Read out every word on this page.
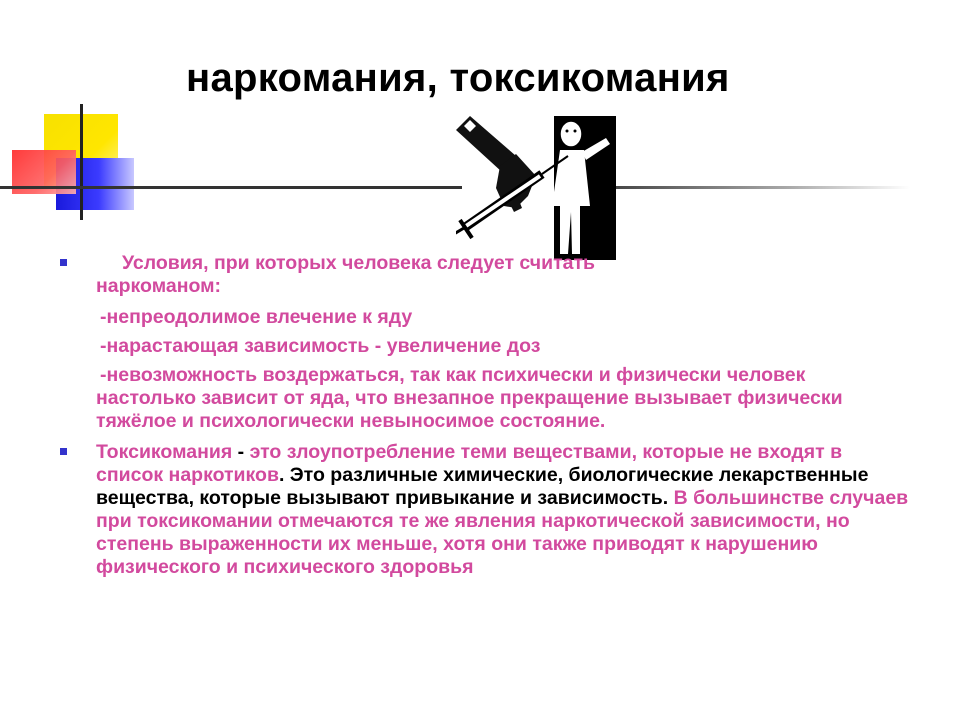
наркомания, токсикомания
Условия, при которых человека следует считать
наркоманом:

-непреодолимое влечение к яду

-нарастающая зависимость - увеличение доз

-невозможность воздержаться, так как психически и физически человек настолько зависит от яда, что внезапное прекращение вызывает физически тяжёлое и психологически невыносимое состояние.

Токсикомания - это злоупотребление теми веществами, которые не входят в список наркотиков. Это различные химические, биологические лекарственные вещества, которые вызывают привыкание и зависимость. В большинстве случаев при токсикомании отмечаются те же явления наркотической зависимости, но степень выраженности их меньше, хотя они также приводят к нарушению физического и психического здоровья
